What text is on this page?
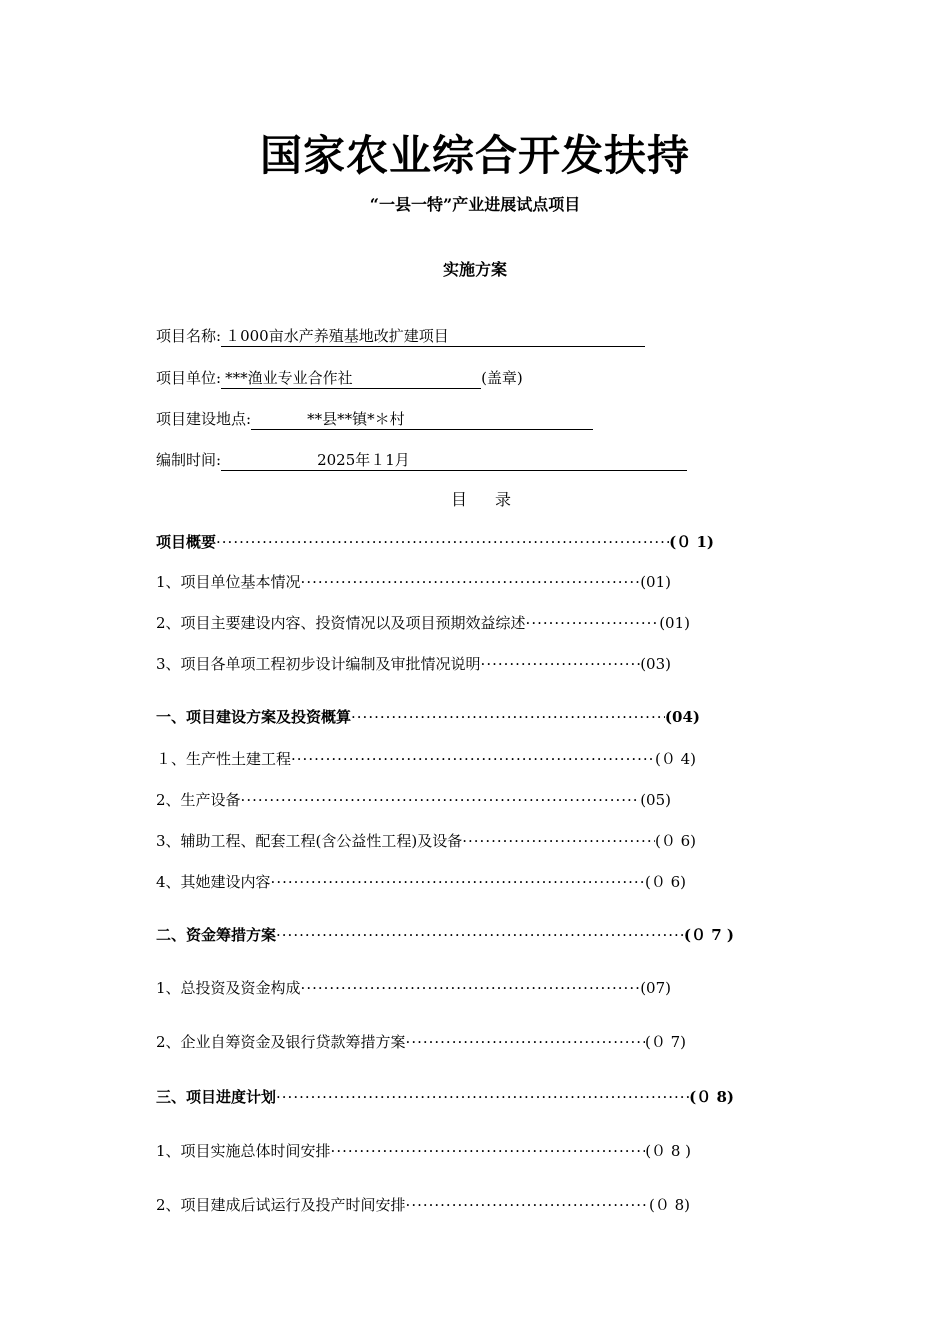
国家农业综合开发扶持
“一县一特”产业进展试点项目
实施方案
项目名称: １000亩水产养殖基地改扩建项目
项目单位: ***渔业专业合作社	(盖章)
项目建设地点:	**县**镇*＊村
编制时间:	2025年１1月
目录
项目概要 ·····	(０ 1)
1、项目单位基本情况 ·····	(01)
2、项目主要建设内容、投资情况以及项目预期效益综述 ·····	(01)
3、项目各单项工程初步设计编制及审批情况说明 ·····	(03)
一、项目建设方案及投资概算 ·····	(04)
１、生产性土建工程 ·····	(０ 4)
2、生产设备 ·····	(05)
3、辅助工程、配套工程(含公益性工程)及设备 ·····	(０ 6)
4、其她建设内容 ·····	(０ 6)
二、资金筹措方案 ·····	(０ 7 )
1、总投资及资金构成 ·····	(07)
2、企业自筹资金及银行贷款筹措方案 ·····	(０ 7)
三、项目进度计划 ·····	(０ 8)
1、项目实施总体时间安排 ·····	(０ 8 )
2、项目建成后试运行及投产时间安排 ·····	(０ 8)
